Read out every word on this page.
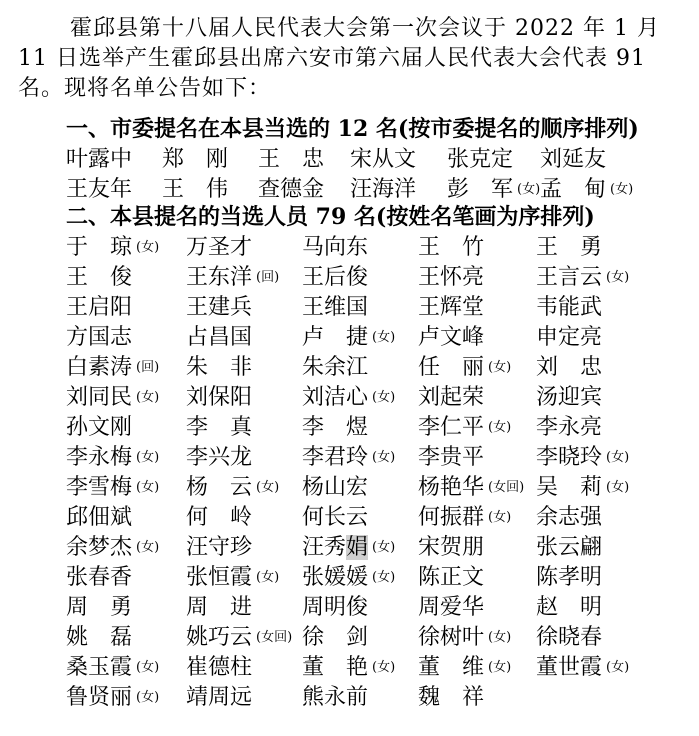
霍邱县第十八届人民代表大会第一次会议于 2022 年 1 月
11 日选举产生霍邱县出席六安市第六届人民代表大会代表 91
名。现将名单公告如下：
一、市委提名在本县当选的 12 名(按市委提名的顺序排列)
叶露中 郑　刚 王　忠 宋从文 张克定 刘延友
王友年 王　伟 查德金 汪海洋 彭　军 (女) 孟　甸 (女)
二、本县提名的当选人员 79 名(按姓名笔画为序排列)
于　琼 (女) 万圣才 马向东 王　竹 王　勇
王　俊 王东洋 (回) 王后俊 王怀亮 王言云 (女)
王启阳 王建兵 王维国 王辉堂 韦能武
方国志 占昌国 卢　捷 (女) 卢文峰 申定亮
白素涛 (回) 朱　非 朱余江 任　丽 (女) 刘　忠
刘同民 (女) 刘保阳 刘洁心 (女) 刘起荣 汤迎宾
孙文刚 李　真 李　煜 李仁平 (女) 李永亮
李永梅 (女) 李兴龙 李君玲 (女) 李贵平 李晓玲 (女)
李雪梅 (女) 杨　云 (女) 杨山宏 杨艳华 (女回) 吴　莉 (女)
邱佃斌 何　岭 何长云 何振群 (女) 余志强
余梦杰 (女) 汪守珍 汪秀娟 (女) 宋贺朋 张云翩
张春香 张恒霞 (女) 张媛媛 (女) 陈正文 陈孝明
周　勇 周　进 周明俊 周爱华 赵　明
姚　磊 姚巧云 (女回) 徐　剑 徐树叶 (女) 徐晓春
桑玉霞 (女) 崔德柱 董　艳 (女) 董　维 (女) 董世霞 (女)
鲁贤丽 (女) 靖周远 熊永前 魏　祥
